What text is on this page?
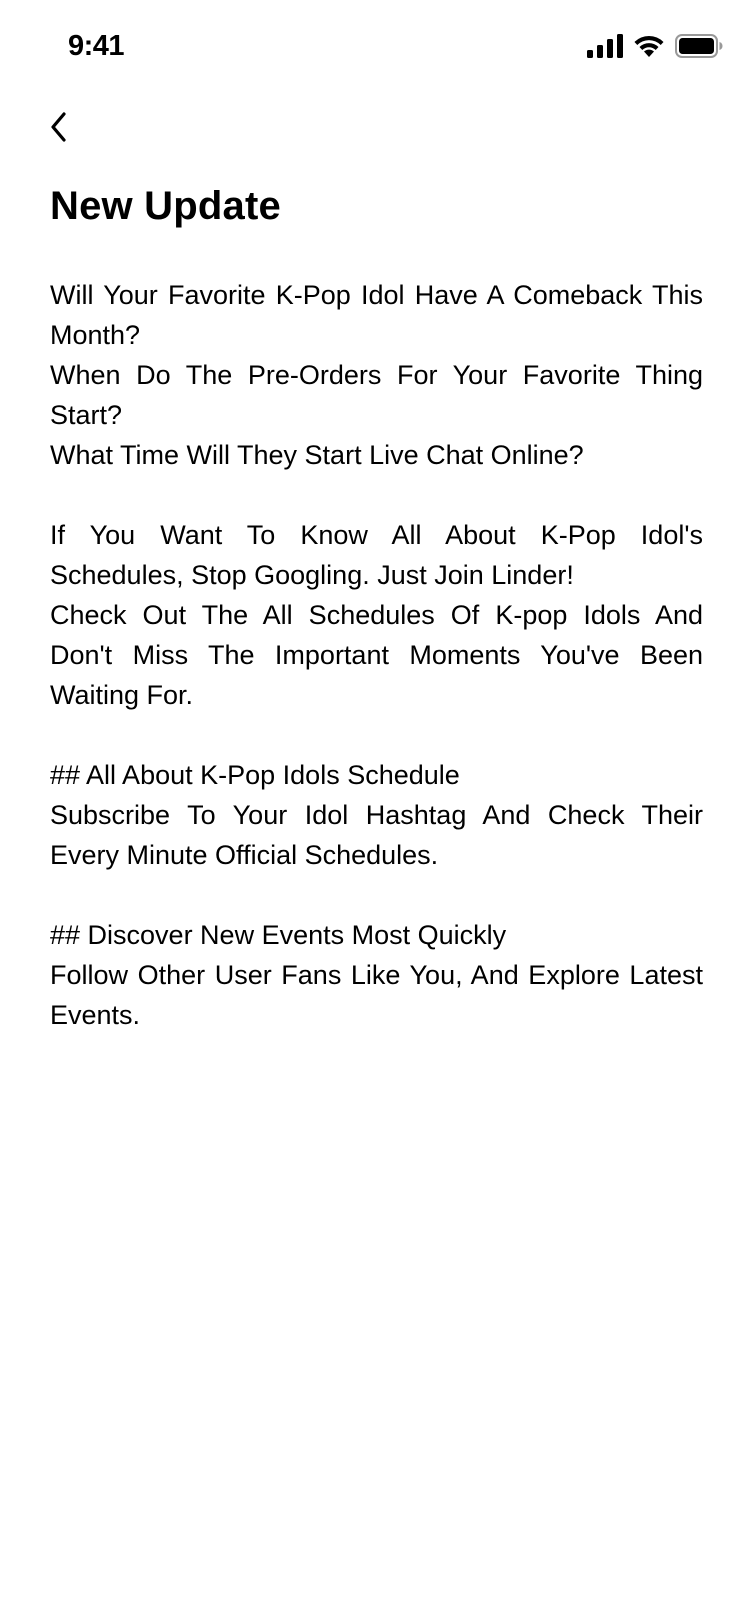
9:41
New Update

Will Your Favorite K-Pop Idol Have A Comeback This Month?

When Do The Pre-Orders For Your Favorite Thing Start?

What Time Will They Start Live Chat Online?

If You Want To Know All About K-Pop Idol's Schedules, Stop Googling. Just Join Linder!

Check Out The All Schedules Of K-pop Idols And Don't Miss The Important Moments You've Been Waiting For.

## All About K-Pop Idols Schedule

Subscribe To Your Idol Hashtag And Check Their Every Minute Official Schedules.

## Discover New Events Most Quickly

Follow Other User Fans Like You, And Explore Latest Events.
